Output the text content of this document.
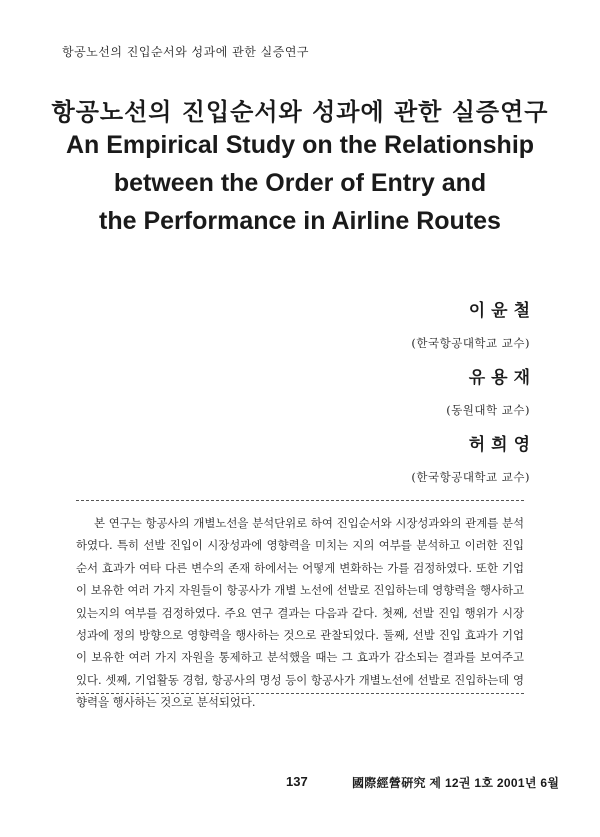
항공노선의 진입순서와 성과에 관한 실증연구
항공노선의 진입순서와 성과에 관한 실증연구
An Empirical Study on the Relationship
between the Order of Entry and
the Performance in Airline Routes
이윤철
(한국항공대학교 교수)
유용재
(동원대학 교수)
허희영
(한국항공대학교 교수)

본 연구는 항공사의 개별노선을 분석단위로 하여 진입순서와 시장성과와의 관계를 분석하였다. 특히 선발 진입이 시장성과에 영향력을 미치는 지의 여부를 분석하고 이러한 진입순서 효과가 여타 다른 변수의 존재 하에서는 어떻게 변화하는 가를 검정하였다. 또한 기업이 보유한 여러 가지 자원들이 항공사가 개별 노선에 선발로 진입하는데 영향력을 행사하고 있는지의 여부를 검정하였다. 주요 연구 결과는 다음과 같다. 첫째, 선발 진입 행위가 시장성과에 정의 방향으로 영향력을 행사하는 것으로 관찰되었다. 둘째, 선발 진입 효과가 기업이 보유한 여러 가지 자원을 통제하고 분석했을 때는 그 효과가 감소되는 결과를 보여주고 있다. 셋째, 기업활동 경험, 항공사의 명성 등이 항공사가 개별노선에 선발로 진입하는데 영향력을 행사하는 것으로 분석되었다.

137	國際經營硏究 제 12권 1호 2001년 6월
